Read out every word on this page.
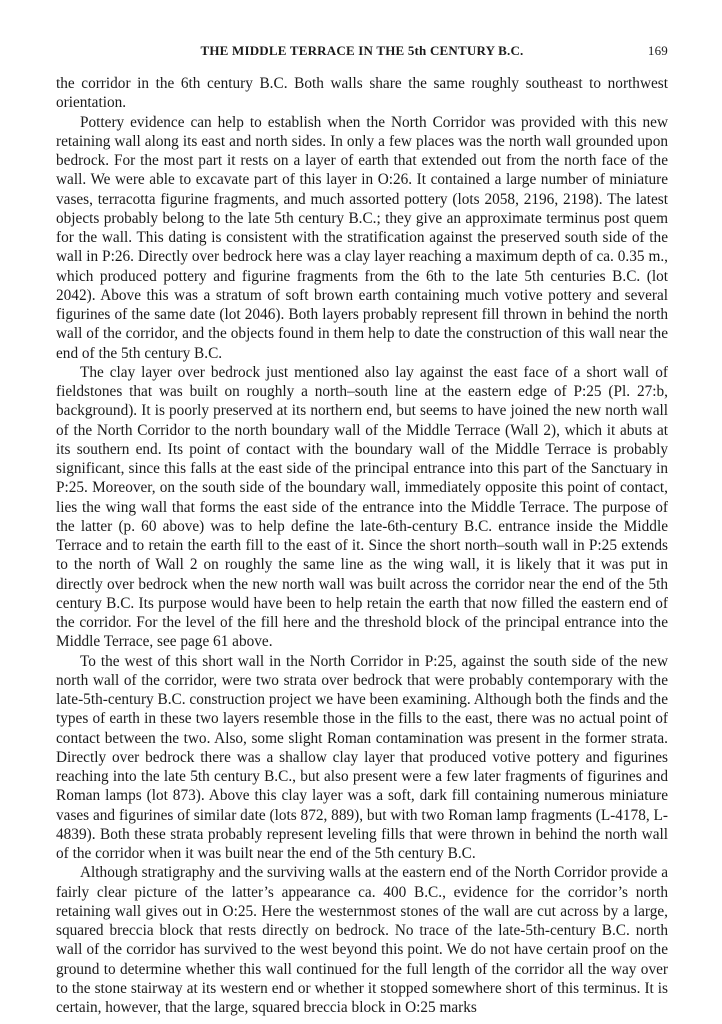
THE MIDDLE TERRACE IN THE 5th CENTURY B.C.	169

the corridor in the 6th century B.C. Both walls share the same roughly southeast to northwest orientation.

Pottery evidence can help to establish when the North Corridor was provided with this new retaining wall along its east and north sides. In only a few places was the north wall grounded upon bedrock. For the most part it rests on a layer of earth that extended out from the north face of the wall. We were able to excavate part of this layer in O:26. It contained a large number of miniature vases, terracotta figurine fragments, and much assorted pottery (lots 2058, 2196, 2198). The latest objects probably belong to the late 5th century B.C.; they give an approximate terminus post quem for the wall. This dating is consistent with the stratification against the preserved south side of the wall in P:26. Directly over bedrock here was a clay layer reaching a maximum depth of ca. 0.35 m., which produced pottery and figurine fragments from the 6th to the late 5th centuries B.C. (lot 2042). Above this was a stratum of soft brown earth containing much votive pottery and several figurines of the same date (lot 2046). Both layers probably represent fill thrown in behind the north wall of the corridor, and the objects found in them help to date the construction of this wall near the end of the 5th century B.C.

The clay layer over bedrock just mentioned also lay against the east face of a short wall of fieldstones that was built on roughly a north–south line at the eastern edge of P:25 (Pl. 27:b, background). It is poorly preserved at its northern end, but seems to have joined the new north wall of the North Corridor to the north boundary wall of the Middle Terrace (Wall 2), which it abuts at its southern end. Its point of contact with the boundary wall of the Middle Terrace is probably significant, since this falls at the east side of the principal entrance into this part of the Sanctuary in P:25. Moreover, on the south side of the boundary wall, immediately opposite this point of contact, lies the wing wall that forms the east side of the entrance into the Middle Terrace. The purpose of the latter (p. 60 above) was to help define the late-6th-century B.C. entrance inside the Middle Terrace and to retain the earth fill to the east of it. Since the short north–south wall in P:25 extends to the north of Wall 2 on roughly the same line as the wing wall, it is likely that it was put in directly over bedrock when the new north wall was built across the corridor near the end of the 5th century B.C. Its purpose would have been to help retain the earth that now filled the eastern end of the corridor. For the level of the fill here and the threshold block of the principal entrance into the Middle Terrace, see page 61 above.

To the west of this short wall in the North Corridor in P:25, against the south side of the new north wall of the corridor, were two strata over bedrock that were probably contemporary with the late-5th-century B.C. construction project we have been examining. Although both the finds and the types of earth in these two layers resemble those in the fills to the east, there was no actual point of contact between the two. Also, some slight Roman contamination was present in the former strata. Directly over bedrock there was a shallow clay layer that produced votive pottery and figurines reaching into the late 5th century B.C., but also present were a few later fragments of figurines and Roman lamps (lot 873). Above this clay layer was a soft, dark fill containing numerous miniature vases and figurines of similar date (lots 872, 889), but with two Roman lamp fragments (L-4178, L-4839). Both these strata probably represent leveling fills that were thrown in behind the north wall of the corridor when it was built near the end of the 5th century B.C.

Although stratigraphy and the surviving walls at the eastern end of the North Corridor provide a fairly clear picture of the latter’s appearance ca. 400 B.C., evidence for the corridor’s north retaining wall gives out in O:25. Here the westernmost stones of the wall are cut across by a large, squared breccia block that rests directly on bedrock. No trace of the late-5th-century B.C. north wall of the corridor has survived to the west beyond this point. We do not have certain proof on the ground to determine whether this wall continued for the full length of the corridor all the way over to the stone stairway at its western end or whether it stopped somewhere short of this terminus. It is certain, however, that the large, squared breccia block in O:25 marks
